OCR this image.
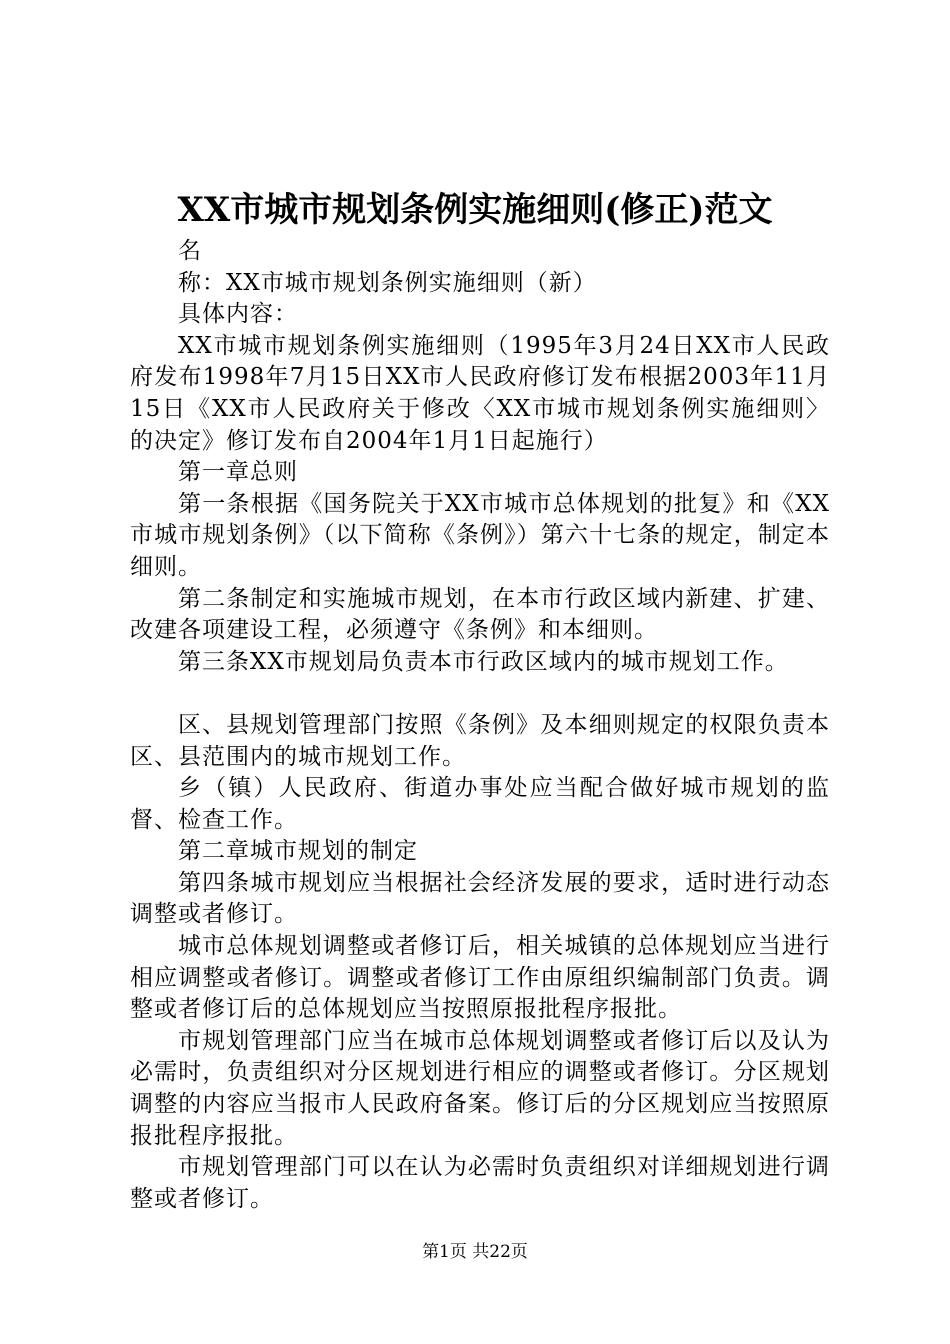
XX市城市规划条例实施细则(修正)范文

名

称：XX市城市规划条例实施细则（新）

具体内容：

XX市城市规划条例实施细则（1995年3月24日XX市人民政府发布1998年7月15日XX市人民政府修订发布根据2003年11月15日《XX市人民政府关于修改〈XX市城市规划条例实施细则〉的决定》修订发布自2004年1月1日起施行）

第一章总则

第一条根据《国务院关于XX市城市总体规划的批复》和《XX市城市规划条例》（以下简称《条例》）第六十七条的规定，制定本细则。

第二条制定和实施城市规划，在本市行政区域内新建、扩建、改建各项建设工程，必须遵守《条例》和本细则。

第三条XX市规划局负责本市行政区域内的城市规划工作。

区、县规划管理部门按照《条例》及本细则规定的权限负责本区、县范围内的城市规划工作。

乡（镇）人民政府、街道办事处应当配合做好城市规划的监督、检查工作。

第二章城市规划的制定

第四条城市规划应当根据社会经济发展的要求，适时进行动态调整或者修订。

城市总体规划调整或者修订后，相关城镇的总体规划应当进行相应调整或者修订。调整或者修订工作由原组织编制部门负责。调整或者修订后的总体规划应当按照原报批程序报批。

市规划管理部门应当在城市总体规划调整或者修订后以及认为必需时，负责组织对分区规划进行相应的调整或者修订。分区规划调整的内容应当报市人民政府备案。修订后的分区规划应当按照原报批程序报批。

市规划管理部门可以在认为必需时负责组织对详细规划进行调整或者修订。

第1页 共22页
